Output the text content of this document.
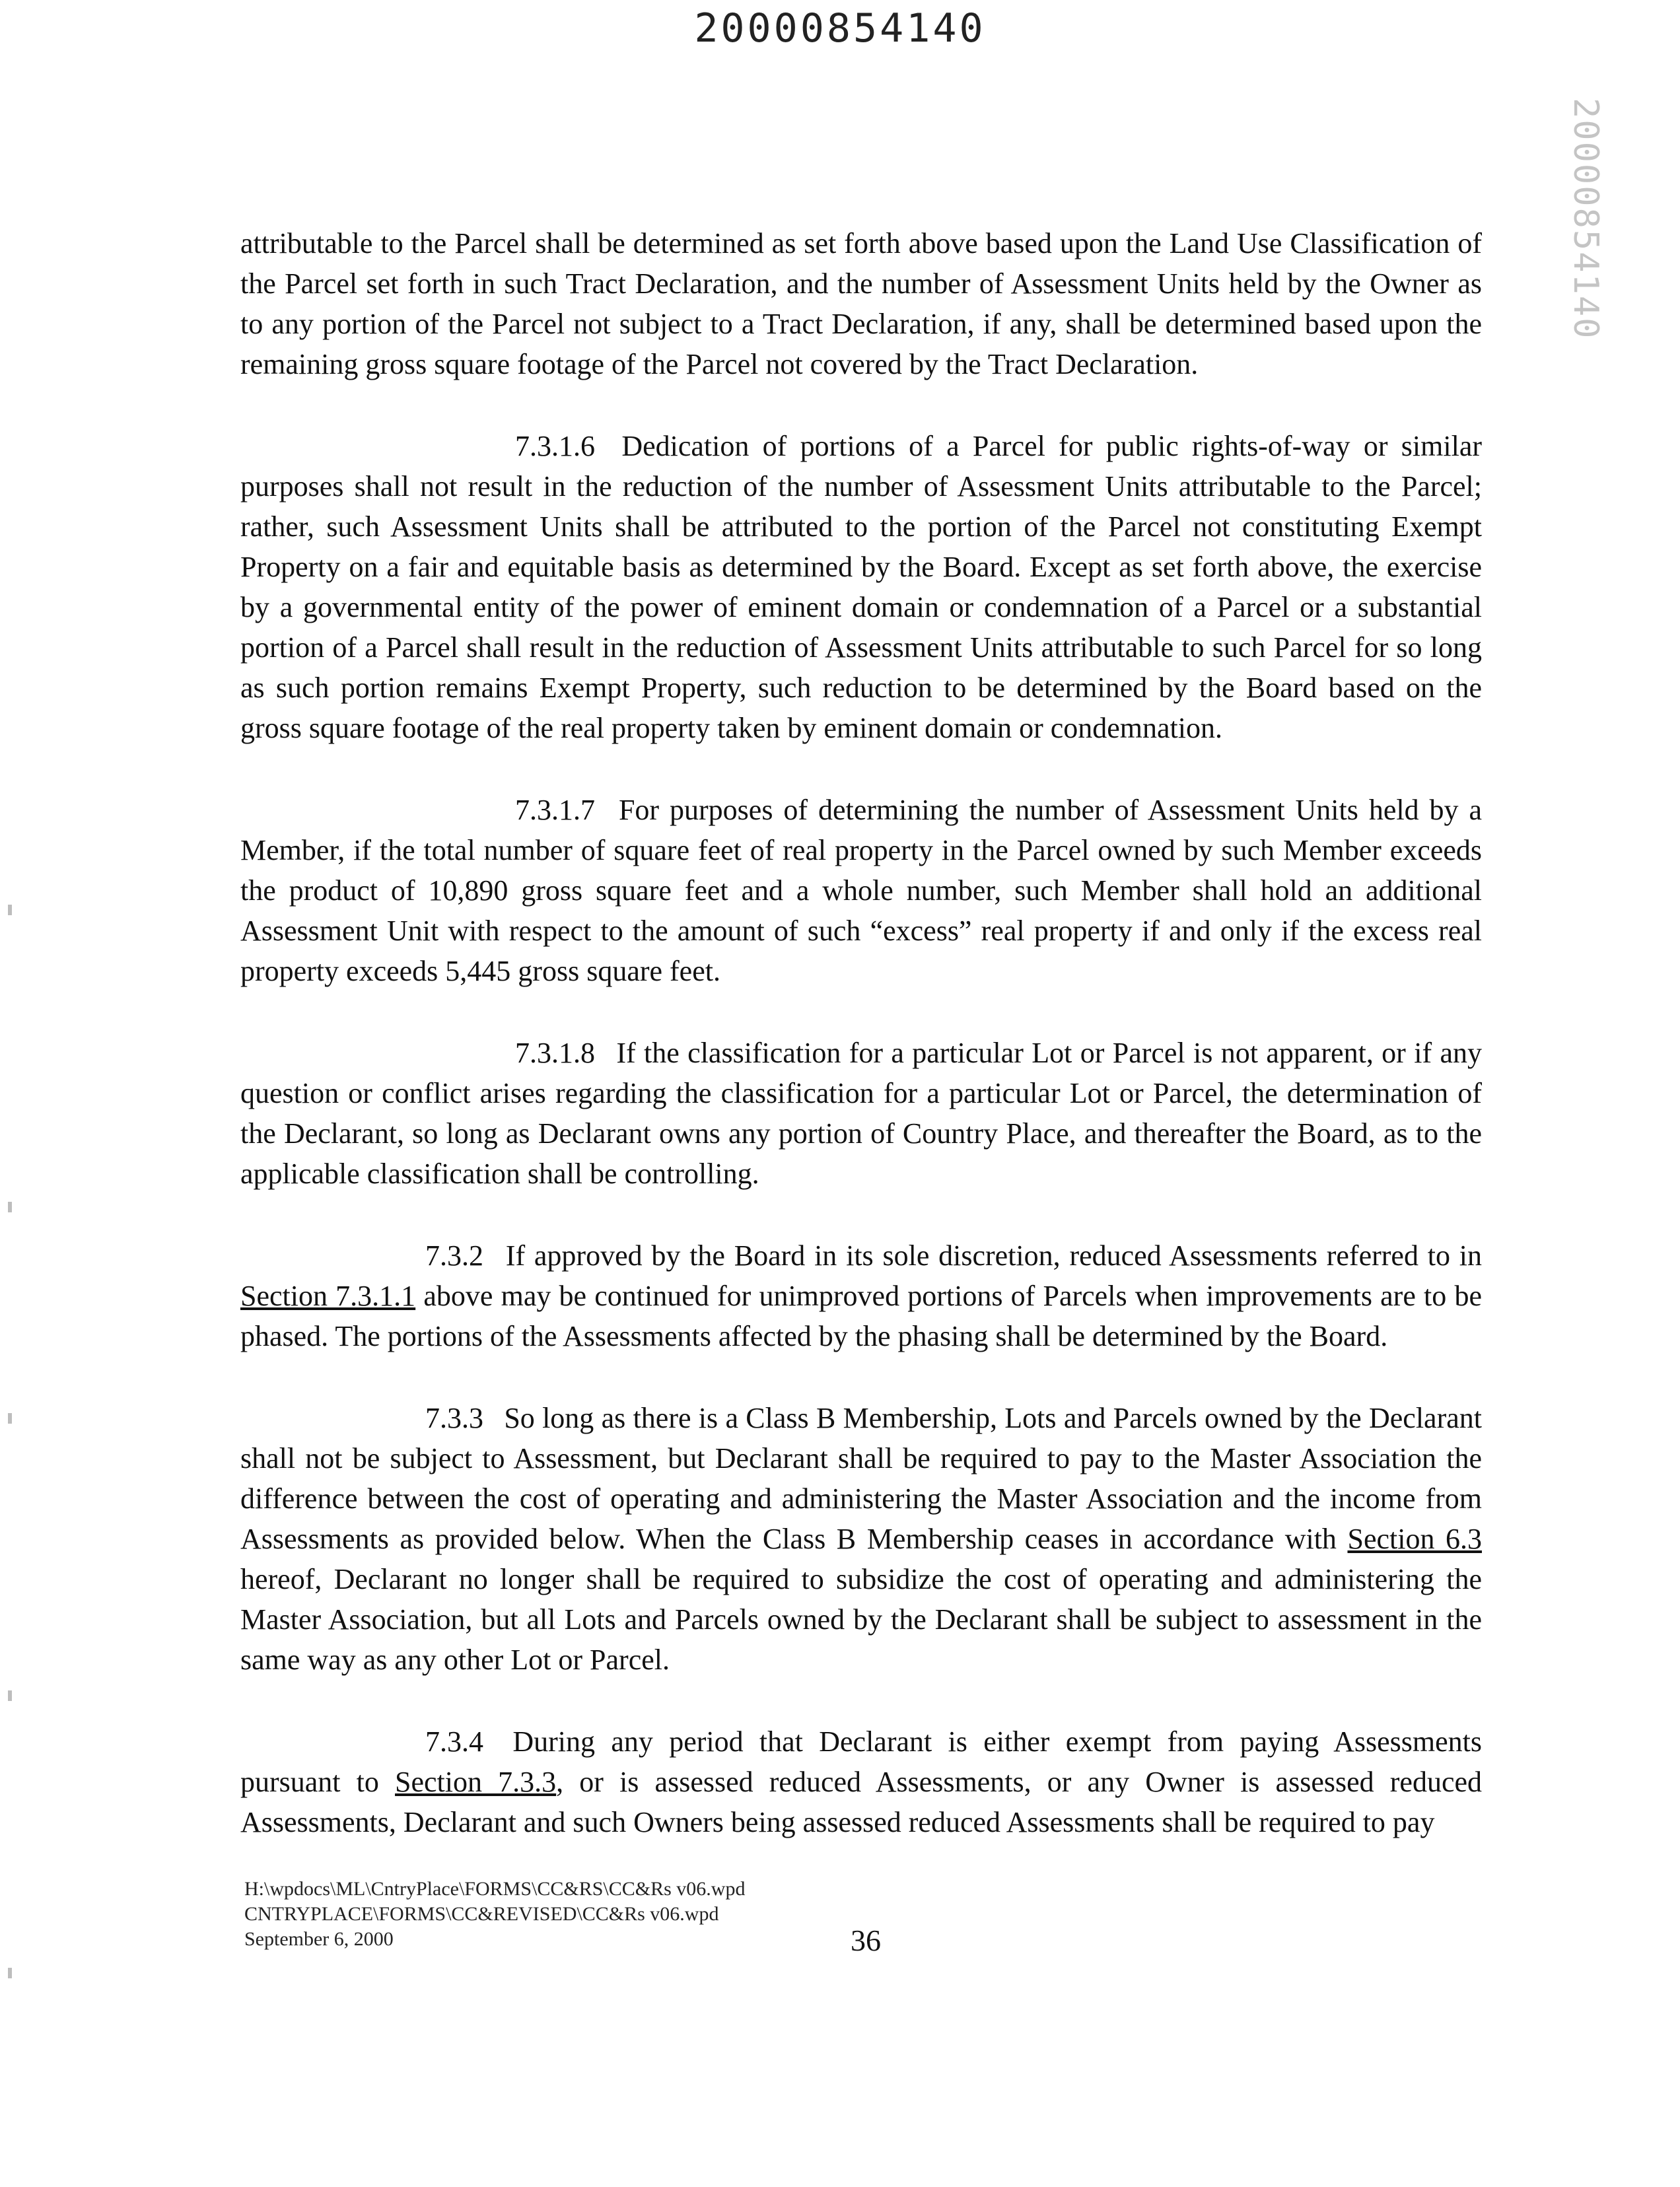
20000854140
20000854140

attributable to the Parcel shall be determined as set forth above based upon the Land Use Classification of the Parcel set forth in such Tract Declaration, and the number of Assessment Units held by the Owner as to any portion of the Parcel not subject to a Tract Declaration, if any, shall be determined based upon the remaining gross square footage of the Parcel not covered by the Tract Declaration.

7.3.1.6 Dedication of portions of a Parcel for public rights-of-way or similar purposes shall not result in the reduction of the number of Assessment Units attributable to the Parcel; rather, such Assessment Units shall be attributed to the portion of the Parcel not constituting Exempt Property on a fair and equitable basis as determined by the Board. Except as set forth above, the exercise by a governmental entity of the power of eminent domain or condemnation of a Parcel or a substantial portion of a Parcel shall result in the reduction of Assessment Units attributable to such Parcel for so long as such portion remains Exempt Property, such reduction to be determined by the Board based on the gross square footage of the real property taken by eminent domain or condemnation.

7.3.1.7 For purposes of determining the number of Assessment Units held by a Member, if the total number of square feet of real property in the Parcel owned by such Member exceeds the product of 10,890 gross square feet and a whole number, such Member shall hold an additional Assessment Unit with respect to the amount of such “excess” real property if and only if the excess real property exceeds 5,445 gross square feet.

7.3.1.8 If the classification for a particular Lot or Parcel is not apparent, or if any question or conflict arises regarding the classification for a particular Lot or Parcel, the determination of the Declarant, so long as Declarant owns any portion of Country Place, and thereafter the Board, as to the applicable classification shall be controlling.

7.3.2 If approved by the Board in its sole discretion, reduced Assessments referred to in Section 7.3.1.1 above may be continued for unimproved portions of Parcels when improvements are to be phased. The portions of the Assessments affected by the phasing shall be determined by the Board.

7.3.3 So long as there is a Class B Membership, Lots and Parcels owned by the Declarant shall not be subject to Assessment, but Declarant shall be required to pay to the Master Association the difference between the cost of operating and administering the Master Association and the income from Assessments as provided below. When the Class B Membership ceases in accordance with Section 6.3 hereof, Declarant no longer shall be required to subsidize the cost of operating and administering the Master Association, but all Lots and Parcels owned by the Declarant shall be subject to assessment in the same way as any other Lot or Parcel.

7.3.4 During any period that Declarant is either exempt from paying Assessments pursuant to Section 7.3.3, or is assessed reduced Assessments, or any Owner is assessed reduced Assessments, Declarant and such Owners being assessed reduced Assessments shall be required to pay

H:\wpdocs\ML\CntryPlace\FORMS\CC&RS\CC&Rs v06.wpd
CNTRYPLACE\FORMS\CC&REVISED\CC&Rs v06.wpd
September 6, 2000	36
